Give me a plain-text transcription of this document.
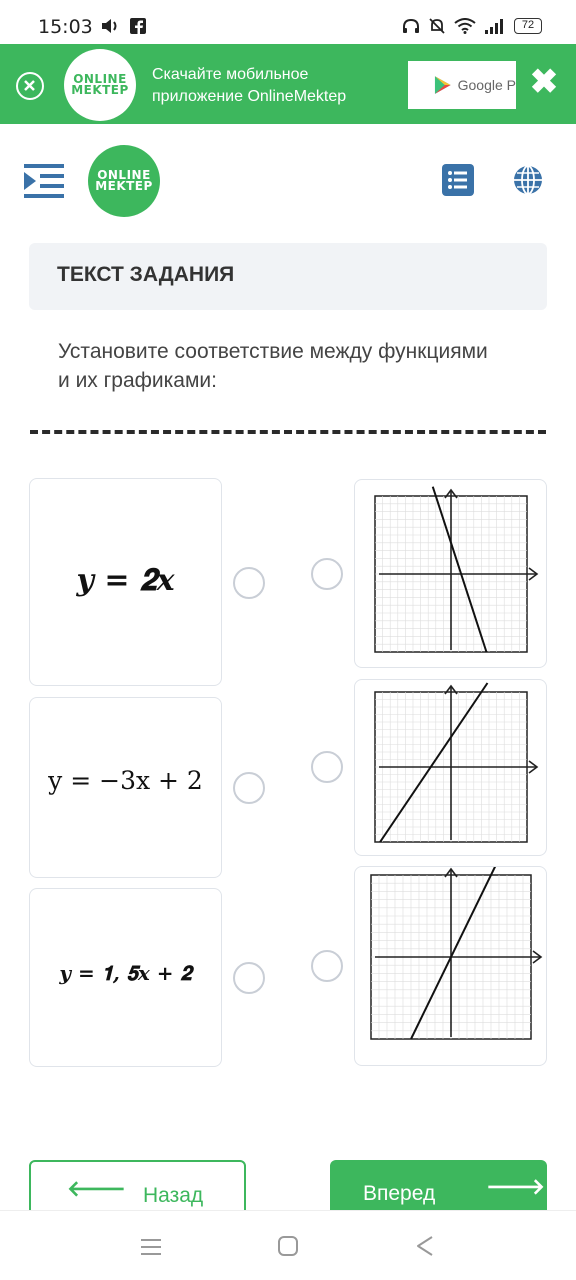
15:03	72
ONLINE
MEKTEP
Скачайте мобильное приложение OnlineMektep
Google P ✖
ONLINE
MEKTEP
ТЕКСТ ЗАДАНИЯ
Установите соответствие между функциями и их графиками:
𝒚 = 𝟐𝒙
y = −3x + 2
𝒚 = 𝟏, 𝟓𝒙 + 𝟐
🡐 Назад	Вперед 🡒
